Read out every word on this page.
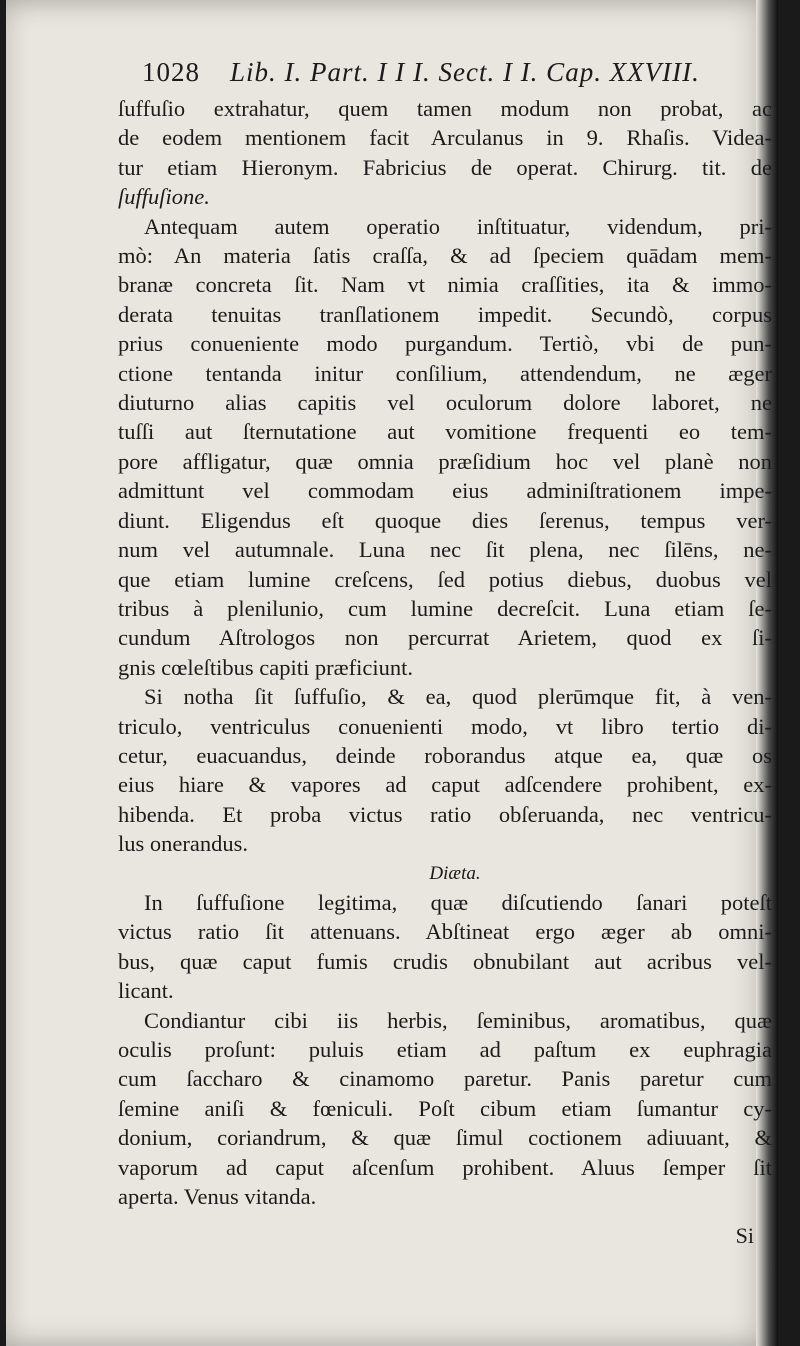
1028 Lib. I. Part. I I I. Sect. I I. Cap. XXVIII.
ſuffuſio extrahatur, quem tamen modum non probat, ac
de eodem mentionem facit Arculanus in 9. Rhaſis. Videa-
tur etiam Hieronym. Fabricius de operat. Chirurg. tit. de
ſuffuſione.
Antequam autem operatio inſtituatur, videndum, pri-
mò: An materia ſatis craſſa, & ad ſpeciem quādam mem-
branæ concreta ſit. Nam vt nimia craſſities, ita & immo-
derata tenuitas tranſlationem impedit. Secundò, corpus
prius conueniente modo purgandum. Tertiò, vbi de pun-
ctione tentanda initur conſilium, attendendum, ne æger
diuturno alias capitis vel oculorum dolore laboret, ne
tuſſi aut ſternutatione aut vomitione frequenti eo tem-
pore affligatur, quæ omnia præſidium hoc vel planè non
admittunt vel commodam eius adminiſtrationem impe-
diunt. Eligendus eſt quoque dies ſerenus, tempus ver-
num vel autumnale. Luna nec ſit plena, nec ſilēns, ne-
que etiam lumine creſcens, ſed potius diebus, duobus vel
tribus à plenilunio, cum lumine decreſcit. Luna etiam ſe-
cundum Aſtrologos non percurrat Arietem, quod ex ſi-
gnis cœleſtibus capiti præficiunt.
Si notha ſit ſuffuſio, & ea, quod plerūmque fit, à ven-
triculo, ventriculus conuenienti modo, vt libro tertio di-
cetur, euacuandus, deinde roborandus atque ea, quæ os
eius hiare & vapores ad caput adſcendere prohibent, ex-
hibenda. Et proba victus ratio obſeruanda, nec ventricu-
lus onerandus.
Diæta.
In ſuffuſione legitima, quæ diſcutiendo ſanari poteſt
victus ratio ſit attenuans. Abſtineat ergo æger ab omni-
bus, quæ caput fumis crudis obnubilant aut acribus vel-
licant.
Condiantur cibi iis herbis, ſeminibus, aromatibus, quæ
oculis proſunt: puluis etiam ad paſtum ex euphragia
cum ſaccharo & cinamomo paretur. Panis paretur cum
ſemine aniſi & fœniculi. Poſt cibum etiam ſumantur cy-
donium, coriandrum, & quæ ſimul coctionem adiuuant, &
vaporum ad caput aſcenſum prohibent. Aluus ſemper ſit
aperta. Venus vitanda.
Si
